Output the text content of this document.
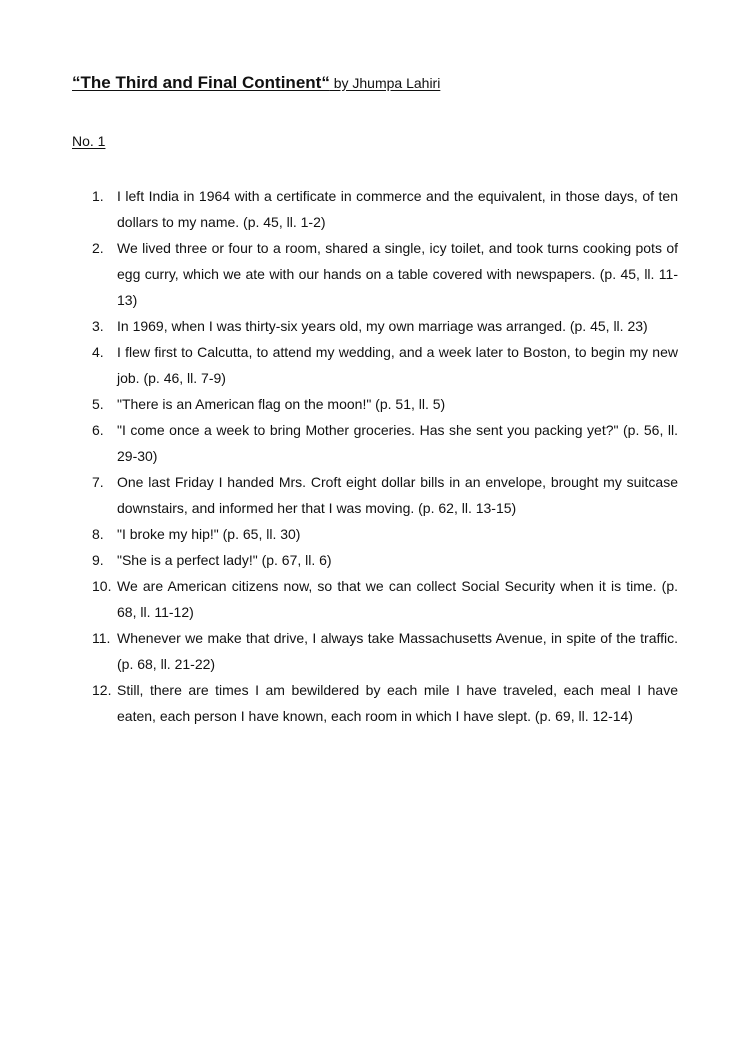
“The Third and Final Continent“ by Jhumpa Lahiri

No. 1

1. I left India in 1964 with a certificate in commerce and the equivalent, in those days, of ten dollars to my name. (p. 45, ll. 1-2)
2. We lived three or four to a room, shared a single, icy toilet, and took turns cooking pots of egg curry, which we ate with our hands on a table covered with newspapers. (p. 45, ll. 11-13)
3. In 1969, when I was thirty-six years old, my own marriage was arranged. (p. 45, ll. 23)
4. I flew first to Calcutta, to attend my wedding, and a week later to Boston, to begin my new job. (p. 46, ll. 7-9)
5. "There is an American flag on the moon!" (p. 51, ll. 5)
6. "I come once a week to bring Mother groceries. Has she sent you packing yet?" (p. 56, ll. 29-30)
7. One last Friday I handed Mrs. Croft eight dollar bills in an envelope, brought my suitcase downstairs, and informed her that I was moving. (p. 62, ll. 13-15)
8. "I broke my hip!" (p. 65, ll. 30)
9. "She is a perfect lady!" (p. 67, ll. 6)
10. We are American citizens now, so that we can collect Social Security when it is time. (p. 68, ll. 11-12)
11. Whenever we make that drive, I always take Massachusetts Avenue, in spite of the traffic. (p. 68, ll. 21-22)
12. Still, there are times I am bewildered by each mile I have traveled, each meal I have eaten, each person I have known, each room in which I have slept. (p. 69, ll. 12-14)
